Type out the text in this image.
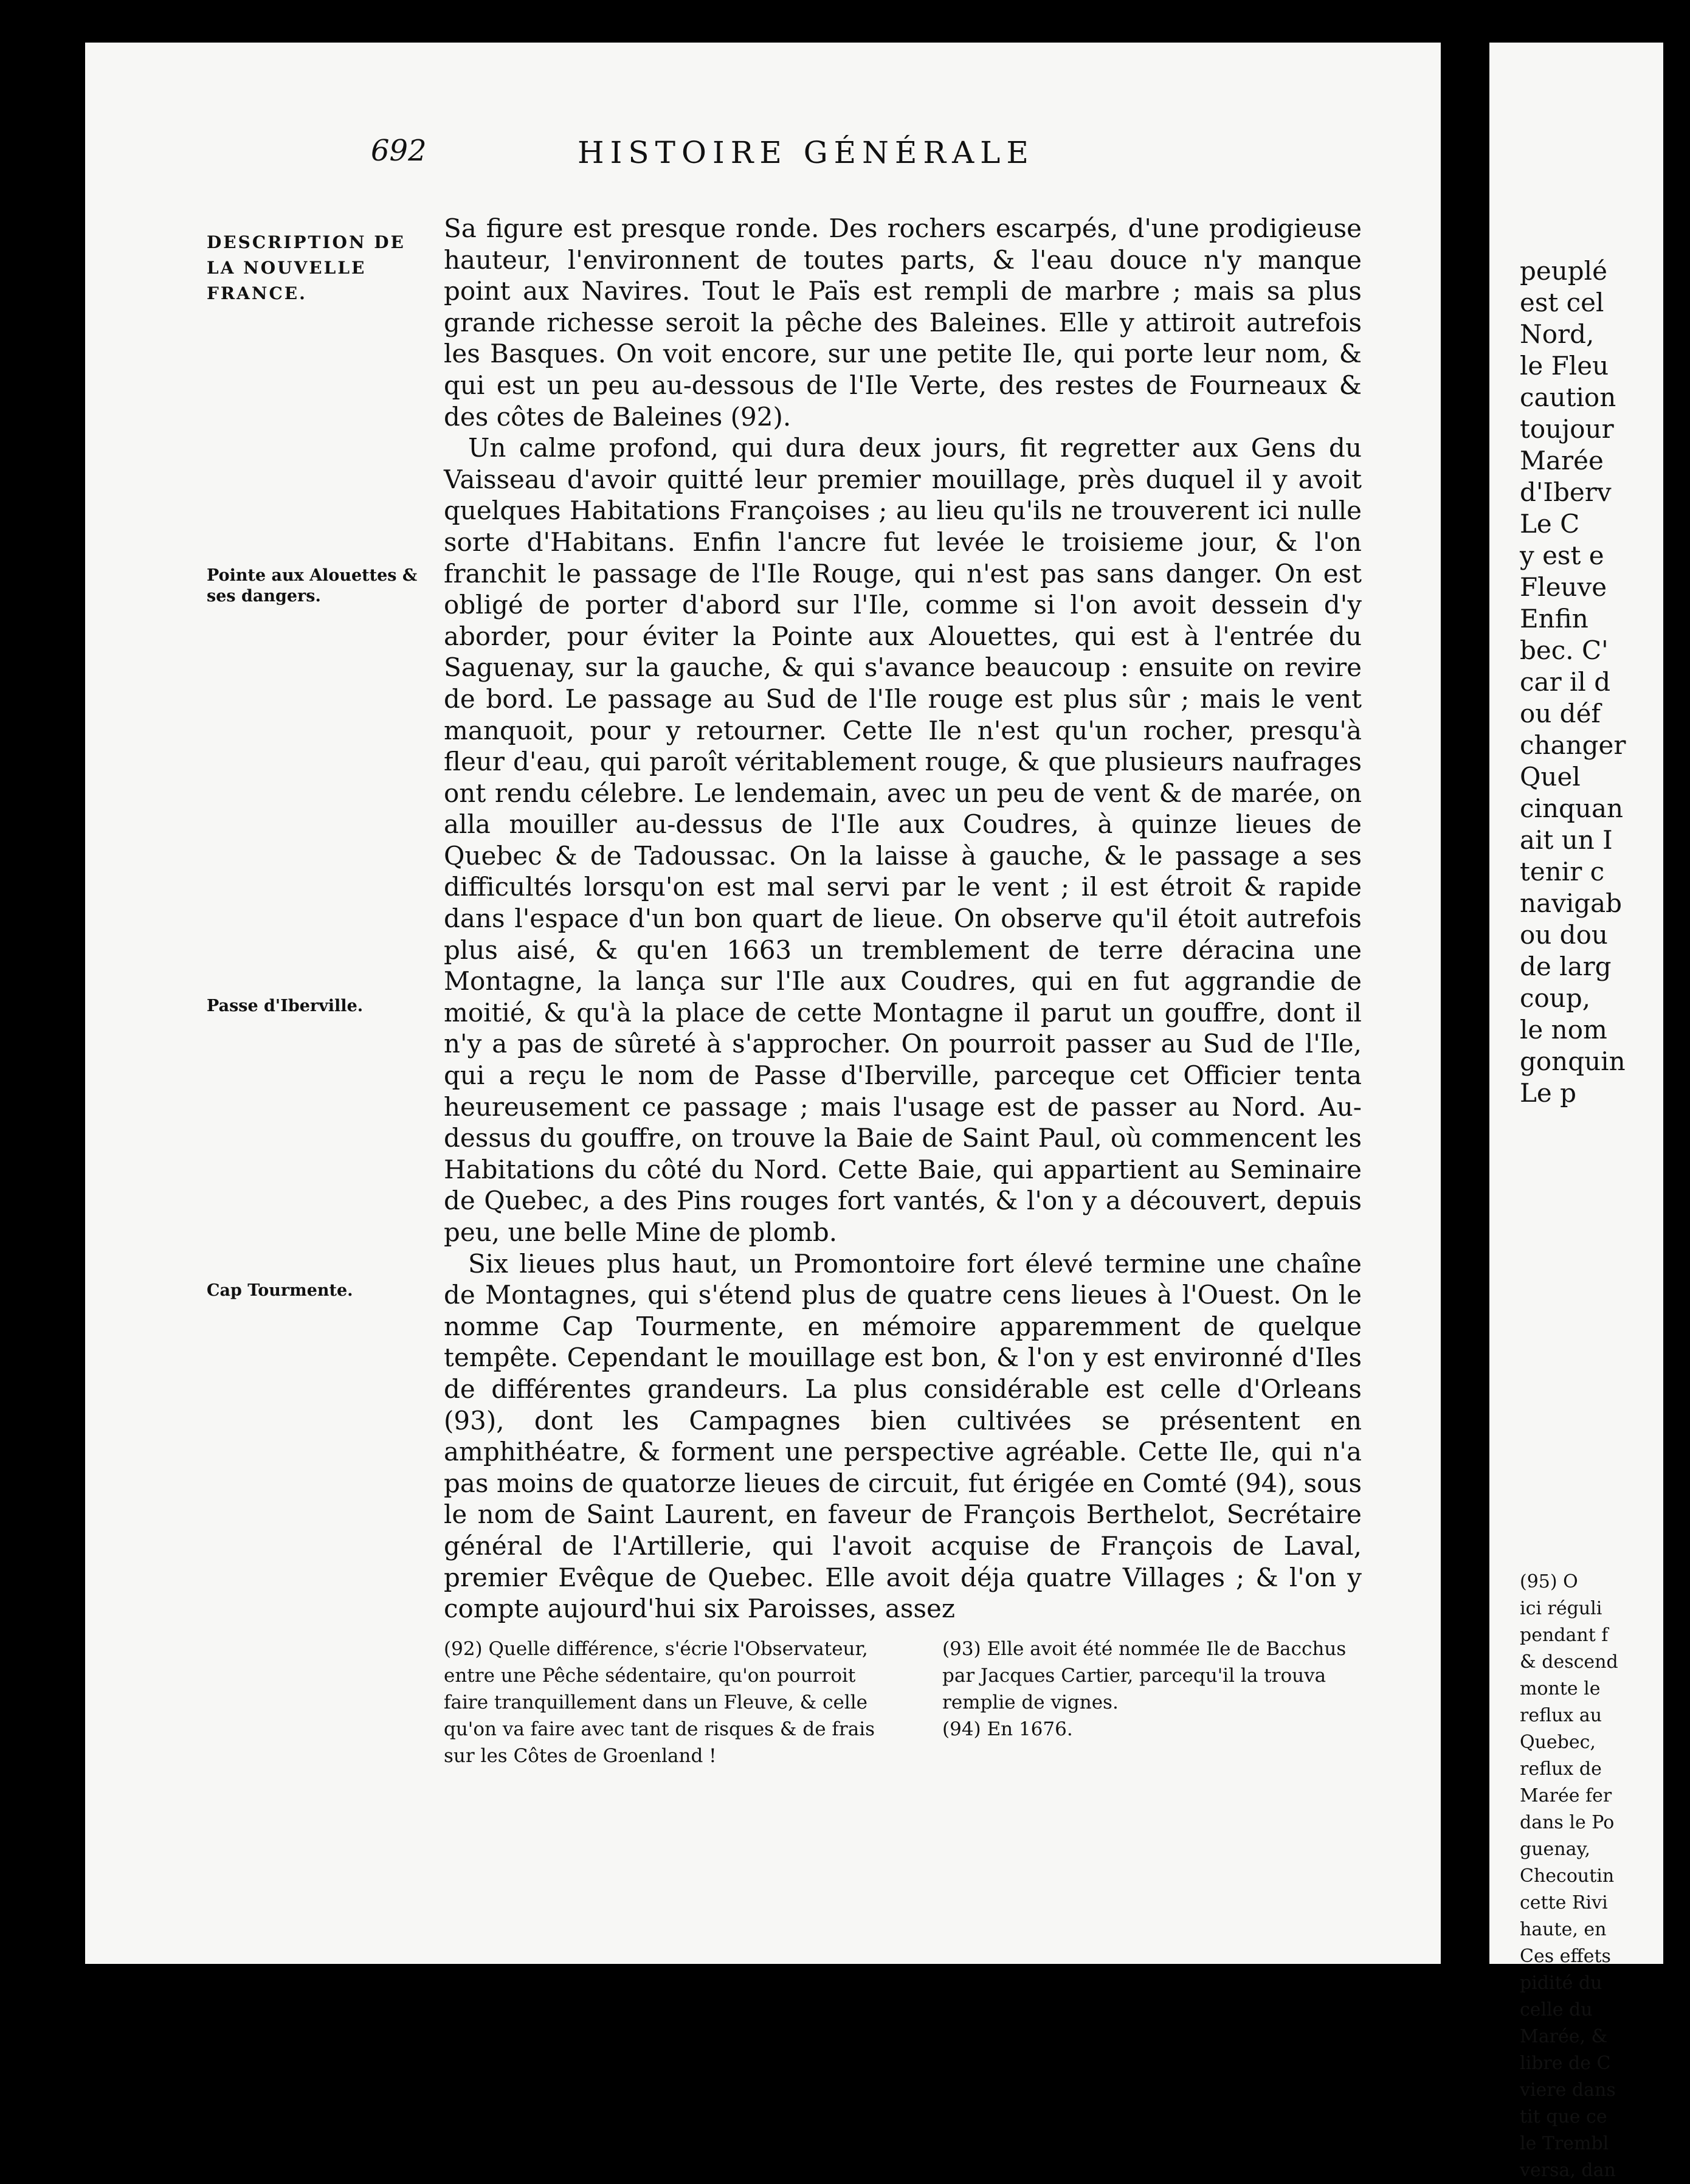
peuplé
est cel
Nord,
le Fleu
caution
toujour
Marée
d'Iberv
Le C
y est e
Fleuve
Enfin
bec. C'
car il d
ou déf
changer
Quel
cinquan
ait un I
tenir c
navigab
ou dou
de larg
coup,
le nom
gonquin
Le p
(95) O
ici réguli
pendant f
& descend
monte le
reflux au
Quebec,
reflux de
Marée fer
dans le Po
guenay,
Checoutin
cette Rivi
haute, en
Ces effets
pidité du
celle du
Marée, &
libre de C
viere dans
tit que ce
le Trembl
versa, dan
692	HISTOIRE GÉNÉRALE
DESCRIPTION DE LA NOUVELLE FRANCE.
Pointe aux Alouettes & ses dangers.
Passe d'Iberville.
Cap Tourmente.

Sa figure est presque ronde. Des rochers escarpés, d'une prodigieuse hauteur, l'environnent de toutes parts, & l'eau douce n'y manque point aux Navires. Tout le Païs est rempli de marbre ; mais sa plus grande richesse seroit la pêche des Baleines. Elle y attiroit autrefois les Basques. On voit encore, sur une petite Ile, qui porte leur nom, & qui est un peu au-dessous de l'Ile Verte, des restes de Fourneaux & des côtes de Baleines (92).

Un calme profond, qui dura deux jours, fit regretter aux Gens du Vaisseau d'avoir quitté leur premier mouillage, près duquel il y avoit quelques Habitations Françoises ; au lieu qu'ils ne trouverent ici nulle sorte d'Habitans. Enfin l'ancre fut levée le troisieme jour, & l'on franchit le passage de l'Ile Rouge, qui n'est pas sans danger. On est obligé de porter d'abord sur l'Ile, comme si l'on avoit dessein d'y aborder, pour éviter la Pointe aux Alouettes, qui est à l'entrée du Saguenay, sur la gauche, & qui s'avance beaucoup : ensuite on revire de bord. Le passage au Sud de l'Ile rouge est plus sûr ; mais le vent manquoit, pour y retourner. Cette Ile n'est qu'un rocher, presqu'à fleur d'eau, qui paroît véritablement rouge, & que plusieurs naufrages ont rendu célebre. Le lendemain, avec un peu de vent & de marée, on alla mouiller au-dessus de l'Ile aux Coudres, à quinze lieues de Quebec & de Tadoussac. On la laisse à gauche, & le passage a ses difficultés lorsqu'on est mal servi par le vent ; il est étroit & rapide dans l'espace d'un bon quart de lieue. On observe qu'il étoit autrefois plus aisé, & qu'en 1663 un tremblement de terre déracina une Montagne, la lança sur l'Ile aux Coudres, qui en fut aggrandie de moitié, & qu'à la place de cette Montagne il parut un gouffre, dont il n'y a pas de sûreté à s'approcher. On pourroit passer au Sud de l'Ile, qui a reçu le nom de Passe d'Iberville, parceque cet Officier tenta heureusement ce passage ; mais l'usage est de passer au Nord. Au-dessus du gouffre, on trouve la Baie de Saint Paul, où commencent les Habitations du côté du Nord. Cette Baie, qui appartient au Seminaire de Quebec, a des Pins rouges fort vantés, & l'on y a découvert, depuis peu, une belle Mine de plomb.

Six lieues plus haut, un Promontoire fort élevé termine une chaîne de Montagnes, qui s'étend plus de quatre cens lieues à l'Ouest. On le nomme Cap Tourmente, en mémoire apparemment de quelque tempête. Cependant le mouillage est bon, & l'on y est environné d'Iles de différentes grandeurs. La plus considérable est celle d'Orleans (93), dont les Campagnes bien cultivées se présentent en amphithéatre, & forment une perspective agréable. Cette Ile, qui n'a pas moins de quatorze lieues de circuit, fut érigée en Comté (94), sous le nom de Saint Laurent, en faveur de François Berthelot, Secrétaire général de l'Artillerie, qui l'avoit acquise de François de Laval, premier Evêque de Quebec. Elle avoit déja quatre Villages ; & l'on y compte aujourd'hui six Paroisses, assez

(92) Quelle différence, s'écrie l'Observateur, entre une Pêche sédentaire, qu'on pourroit faire tranquillement dans un Fleuve, & celle qu'on va faire avec tant de risques & de frais sur les Côtes de Groenland !

(93) Elle avoit été nommée Ile de Bacchus par Jacques Cartier, parcequ'il la trouva remplie de vignes.

(94) En 1676.
